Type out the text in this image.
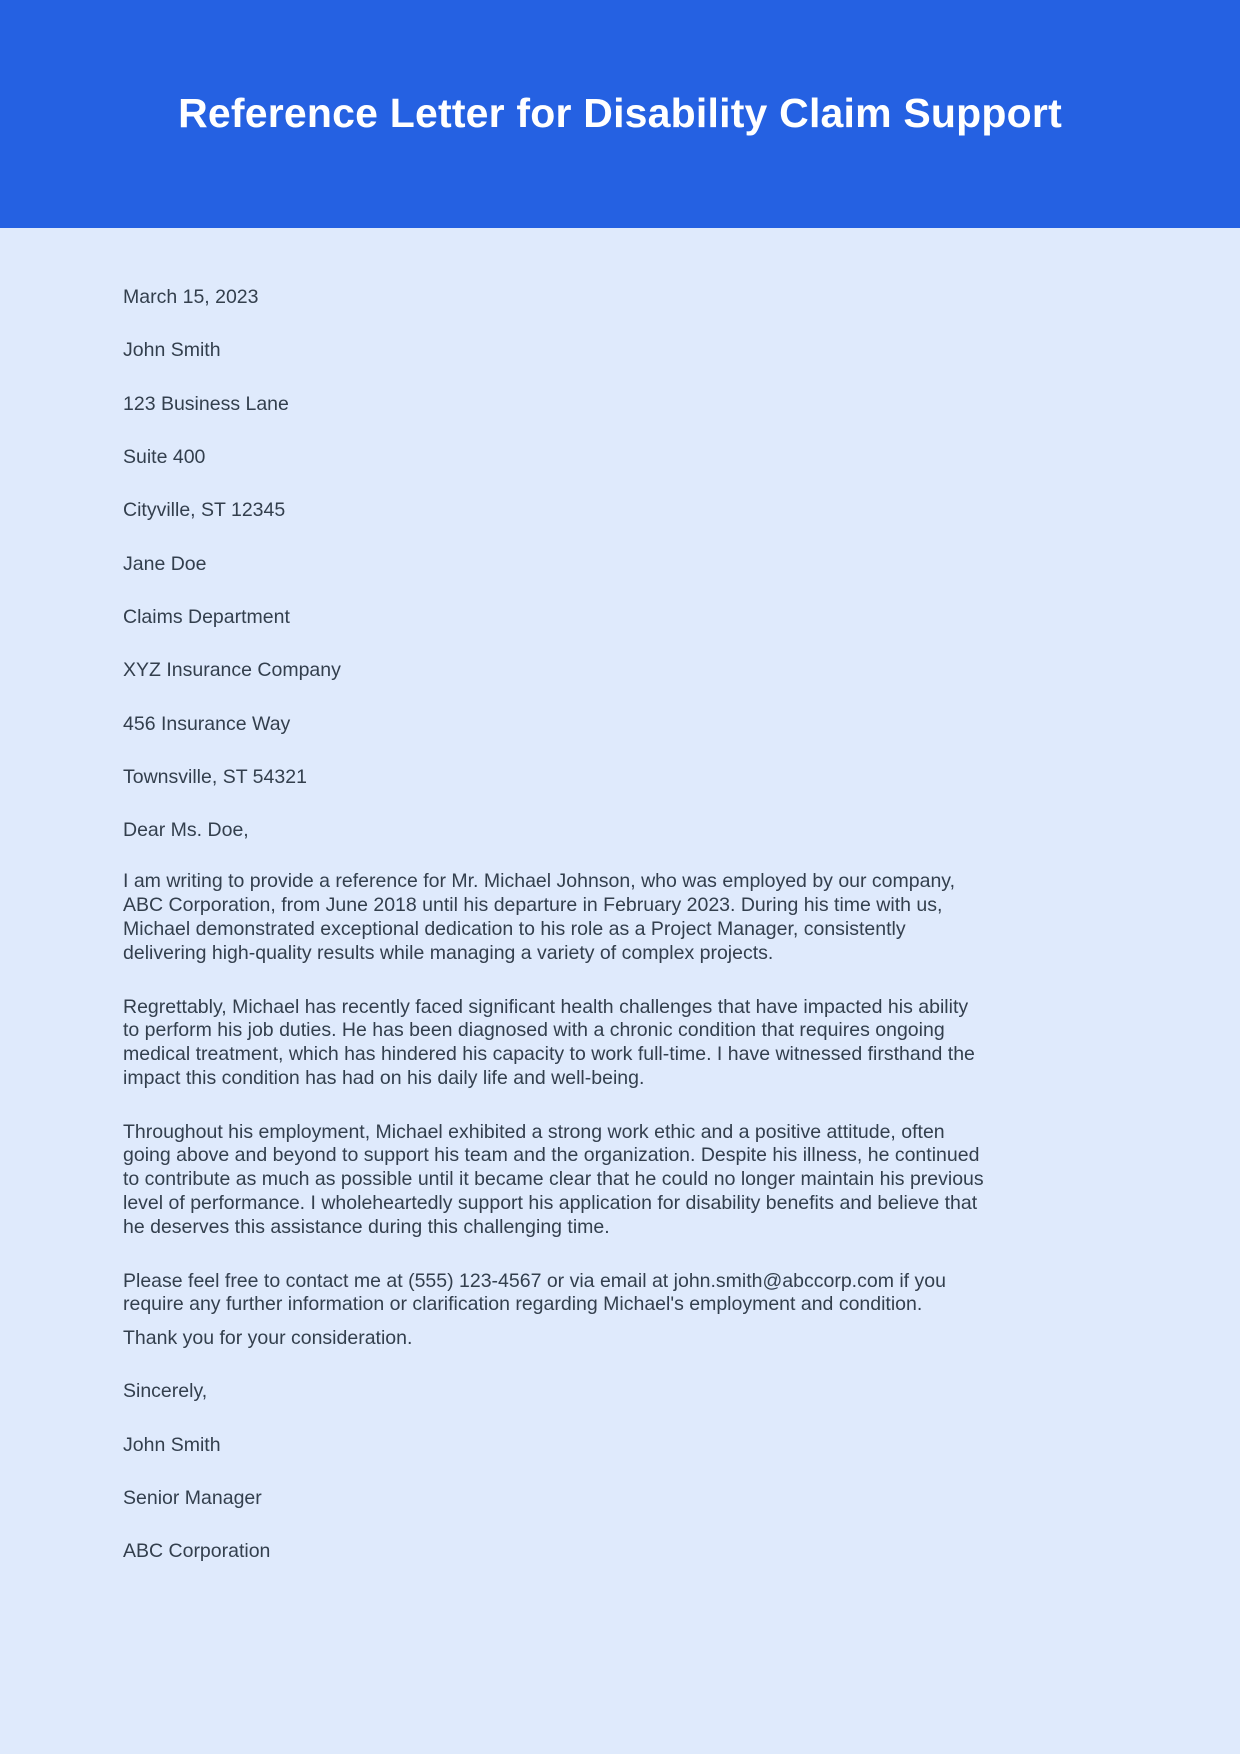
Reference Letter for Disability Claim Support

March 15, 2023

John Smith

123 Business Lane

Suite 400

Cityville, ST 12345

Jane Doe

Claims Department

XYZ Insurance Company

456 Insurance Way

Townsville, ST 54321

Dear Ms. Doe,

I am writing to provide a reference for Mr. Michael Johnson, who was employed by our company, ABC Corporation, from June 2018 until his departure in February 2023. During his time with us, Michael demonstrated exceptional dedication to his role as a Project Manager, consistently delivering high-quality results while managing a variety of complex projects.

Regrettably, Michael has recently faced significant health challenges that have impacted his ability to perform his job duties. He has been diagnosed with a chronic condition that requires ongoing medical treatment, which has hindered his capacity to work full-time. I have witnessed firsthand the impact this condition has had on his daily life and well-being.

Throughout his employment, Michael exhibited a strong work ethic and a positive attitude, often going above and beyond to support his team and the organization. Despite his illness, he continued to contribute as much as possible until it became clear that he could no longer maintain his previous level of performance. I wholeheartedly support his application for disability benefits and believe that he deserves this assistance during this challenging time.

Please feel free to contact me at (555) 123-4567 or via email at john.smith@abccorp.com if you require any further information or clarification regarding Michael's employment and condition.

Thank you for your consideration.

Sincerely,

John Smith

Senior Manager

ABC Corporation
